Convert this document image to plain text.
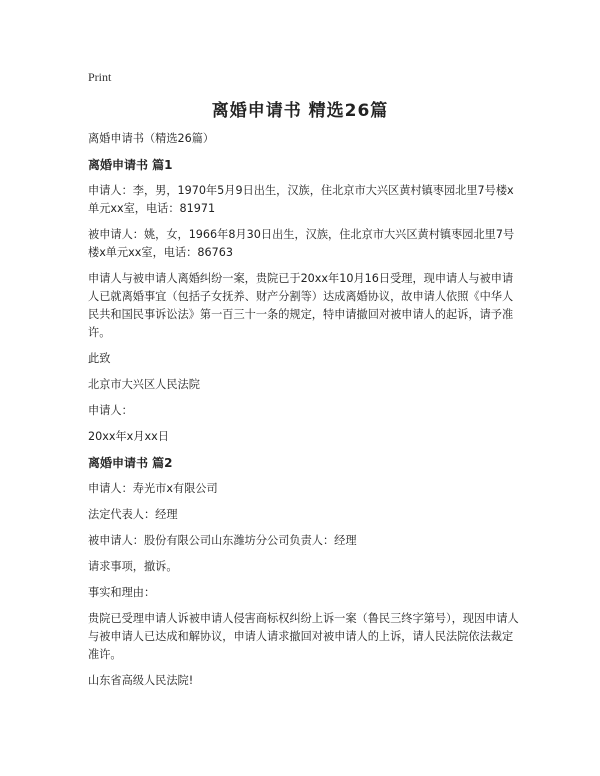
Print
离婚申请书 精选26篇

离婚申请书（精选26篇）

离婚申请书 篇1

申请人：李，男，1970年5月9日出生，汉族，住北京市大兴区黄村镇枣园北里7号楼x单元xx室，电话：81971

被申请人：姚，女，1966年8月30日出生，汉族，住北京市大兴区黄村镇枣园北里7号楼x单元xx室，电话：86763

申请人与被申请人离婚纠纷一案，贵院已于20xx年10月16日受理，现申请人与被申请人已就离婚事宜（包括子女抚养、财产分割等）达成离婚协议，故申请人依照《中华人民共和国民事诉讼法》第一百三十一条的规定，特申请撤回对被申请人的起诉，请予准许。

此致

北京市大兴区人民法院

申请人：

20xx年x月xx日

离婚申请书 篇2

申请人：寿光市x有限公司

法定代表人：经理

被申请人：股份有限公司山东潍坊分公司负责人：经理

请求事项，撤诉。

事实和理由：

贵院已受理申请人诉被申请人侵害商标权纠纷上诉一案（鲁民三终字第号），现因申请人与被申请人已达成和解协议，申请人请求撤回对被申请人的上诉，请人民法院依法裁定准许。

山东省高级人民法院!
